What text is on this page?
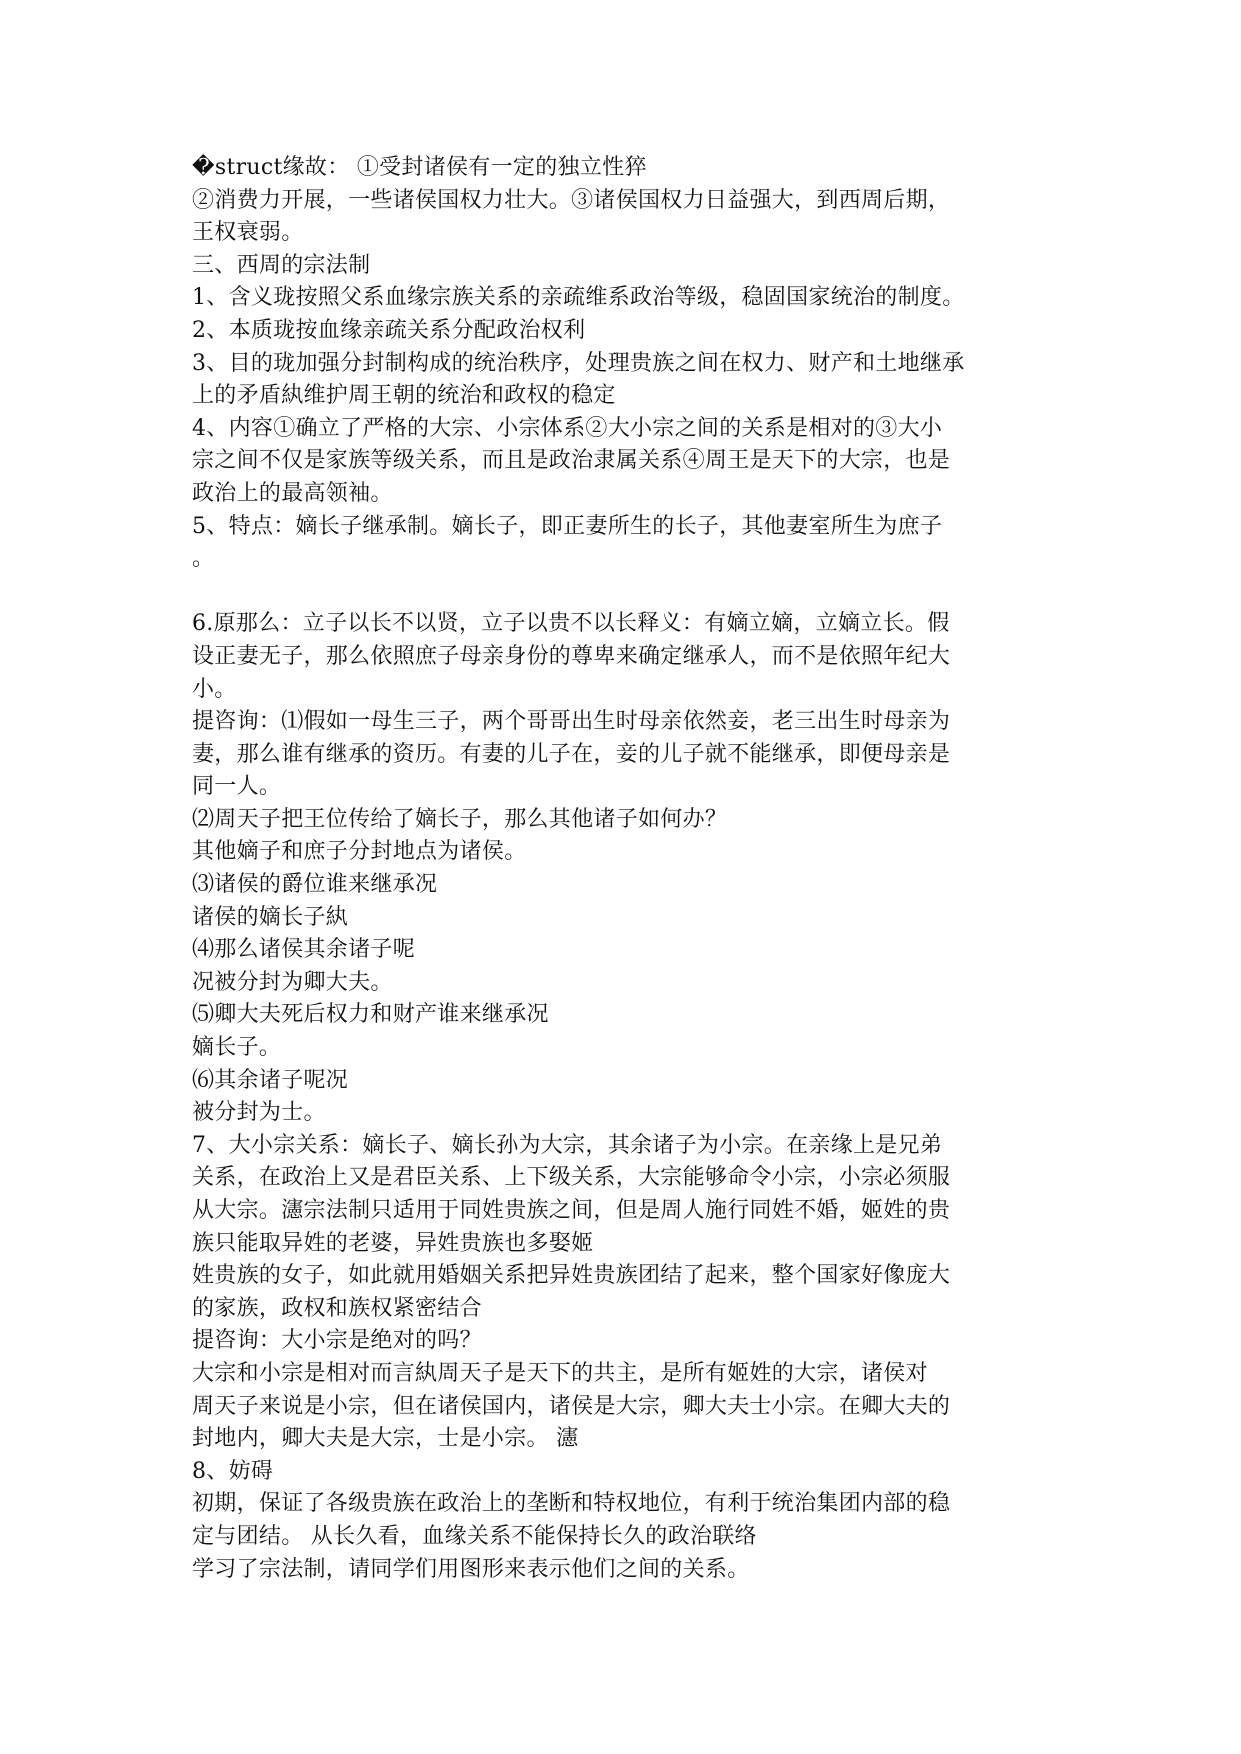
�struct缘故： ①受封诸侯有一定的独立性猝
②消费力开展，一些诸侯国权力壮大。③诸侯国权力日益强大，到西周后期，
王权衰弱。
三、西周的宗法制
1、含义珑按照父系血缘宗族关系的亲疏维系政治等级，稳固国家统治的制度。
2、本质珑按血缘亲疏关系分配政治权利
3、目的珑加强分封制构成的统治秩序，处理贵族之间在权力、财产和土地继承
上的矛盾紈维护周王朝的统治和政权的稳定
4、内容①确立了严格的大宗、小宗体系②大小宗之间的关系是相对的③大小
宗之间不仅是家族等级关系，而且是政治隶属关系④周王是天下的大宗，也是
政治上的最高领袖。
5、特点：嫡长子继承制。嫡长子，即正妻所生的长子，其他妻室所生为庶子
。
6.原那么：立子以长不以贤，立子以贵不以长释义：有嫡立嫡，立嫡立长。假
设正妻无子，那么依照庶子母亲身份的尊卑来确定继承人，而不是依照年纪大
小。
提咨询：⑴假如一母生三子，两个哥哥出生时母亲依然妾，老三出生时母亲为
妻，那么谁有继承的资历。有妻的儿子在，妾的儿子就不能继承，即便母亲是
同一人。
⑵周天子把王位传给了嫡长子，那么其他诸子如何办？
其他嫡子和庶子分封地点为诸侯。
⑶诸侯的爵位谁来继承况
诸侯的嫡长子紈
⑷那么诸侯其余诸子呢
况被分封为卿大夫。
⑸卿大夫死后权力和财产谁来继承况
嫡长子。
⑹其余诸子呢况
被分封为士。
7、大小宗关系：嫡长子、嫡长孙为大宗，其余诸子为小宗。在亲缘上是兄弟
关系，在政治上又是君臣关系、上下级关系，大宗能够命令小宗，小宗必须服
从大宗。瀗宗法制只适用于同姓贵族之间，但是周人施行同姓不婚，姬姓的贵
族只能取异姓的老婆，异姓贵族也多娶姬
姓贵族的女子，如此就用婚姻关系把异姓贵族团结了起来，整个国家好像庞大
的家族，政权和族权紧密结合
提咨询：大小宗是绝对的吗？
大宗和小宗是相对而言紈周天子是天下的共主，是所有姬姓的大宗，诸侯对
周天子来说是小宗，但在诸侯国内，诸侯是大宗，卿大夫士小宗。在卿大夫的
封地内，卿大夫是大宗，士是小宗。 瀗
8、妨碍
初期，保证了各级贵族在政治上的垄断和特权地位，有利于统治集团内部的稳
定与团结。 从长久看，血缘关系不能保持长久的政治联络
学习了宗法制，请同学们用图形来表示他们之间的关系。
